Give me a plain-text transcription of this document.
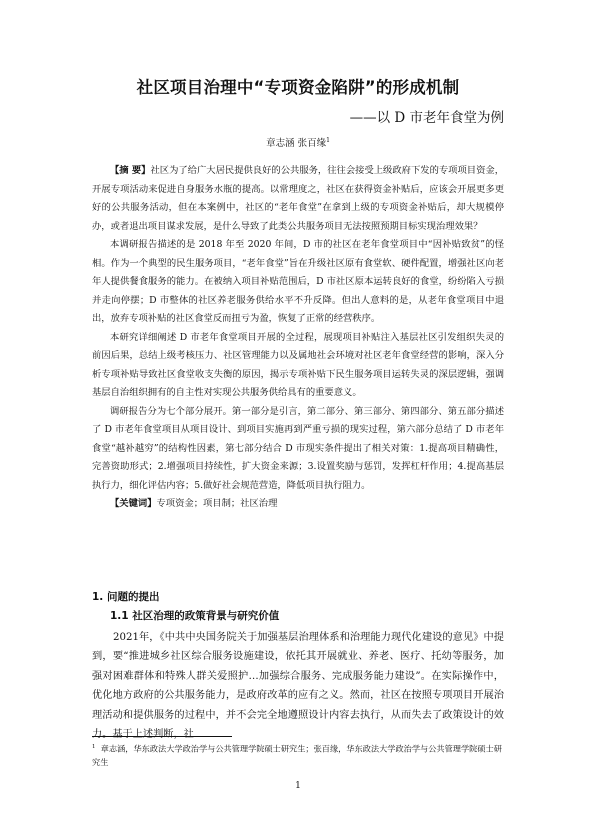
社区项目治理中“专项资金陷阱”的形成机制
——以 D 市老年食堂为例
章志涵 张百缘$^1$

【摘 要】社区为了给广大居民提供良好的公共服务，往往会接受上级政府下发的专项项目资金，开展专项活动来促进自身服务水瓶的提高。以常理度之，社区在获得资金补贴后，应该会开展更多更好的公共服务活动，但在本案例中，社区的“老年食堂”在拿到上级的专项资金补贴后，却大规模停办，或者退出项目谋求发展，是什么导致了此类公共服务项目无法按照预期目标实现治理效果？

本调研报告描述的是 2018 年至 2020 年间，D 市的社区在老年食堂项目中“因补贴致贫”的怪相。作为一个典型的民生服务项目，“老年食堂”旨在升级社区原有食堂软、硬件配置，增强社区向老年人提供餐食服务的能力。在被纳入项目补贴范围后，D 市社区原本运转良好的食堂，纷纷陷入亏损并走向停摆；D 市整体的社区养老服务供给水平不升反降。但出人意料的是，从老年食堂项目中退出，放弃专项补贴的社区食堂反而扭亏为盈，恢复了正常的经营秩序。

本研究详细阐述 D 市老年食堂项目开展的全过程，展现项目补贴注入基层社区引发组织失灵的前因后果，总结上级考核压力、社区管理能力以及属地社会环境对社区老年食堂经营的影响，深入分析专项补贴导致社区食堂收支失衡的原因，揭示专项补贴下民生服务项目运转失灵的深层逻辑，强调基层自治组织拥有的自主性对实现公共服务供给具有的重要意义。

调研报告分为七个部分展开。第一部分是引言，第二部分、第三部分、第四部分、第五部分描述了 D 市老年食堂项目从项目设计、到项目实施再到严重亏损的现实过程，第六部分总结了 D 市老年食堂“越补越穷”的结构性因素，第七部分结合 D 市现实条件提出了相关对策：1.提高项目精确性，完善资助形式；2.增强项目持续性，扩大资金来源；3.设置奖励与惩罚，发挥杠杆作用；4.提高基层执行力，细化评估内容；5.做好社会规范营造，降低项目执行阻力。

【关键词】专项资金；项目制；社区治理

1. 问题的提出
1.1 社区治理的政策背景与研究价值

2021年，《中共中央国务院关于加强基层治理体系和治理能力现代化建设的意见》中提到，要“推进城乡社区综合服务设施建设，依托其开展就业、养老、医疗、托幼等服务，加强对困难群体和特殊人群关爱照护…加强综合服务、完成服务能力建设”。在实际操作中，优化地方政府的公共服务能力，是政府改革的应有之义。然而，社区在按照专项项目开展治理活动和提供服务的过程中，并不会完全地遵照设计内容去执行，从而失去了政策设计的效力。基于上述判断，社

$^1$ 章志涵，华东政法大学政治学与公共管理学院硕士研究生；张百缘，华东政法大学政治学与公共管理学院硕士研究生
1
